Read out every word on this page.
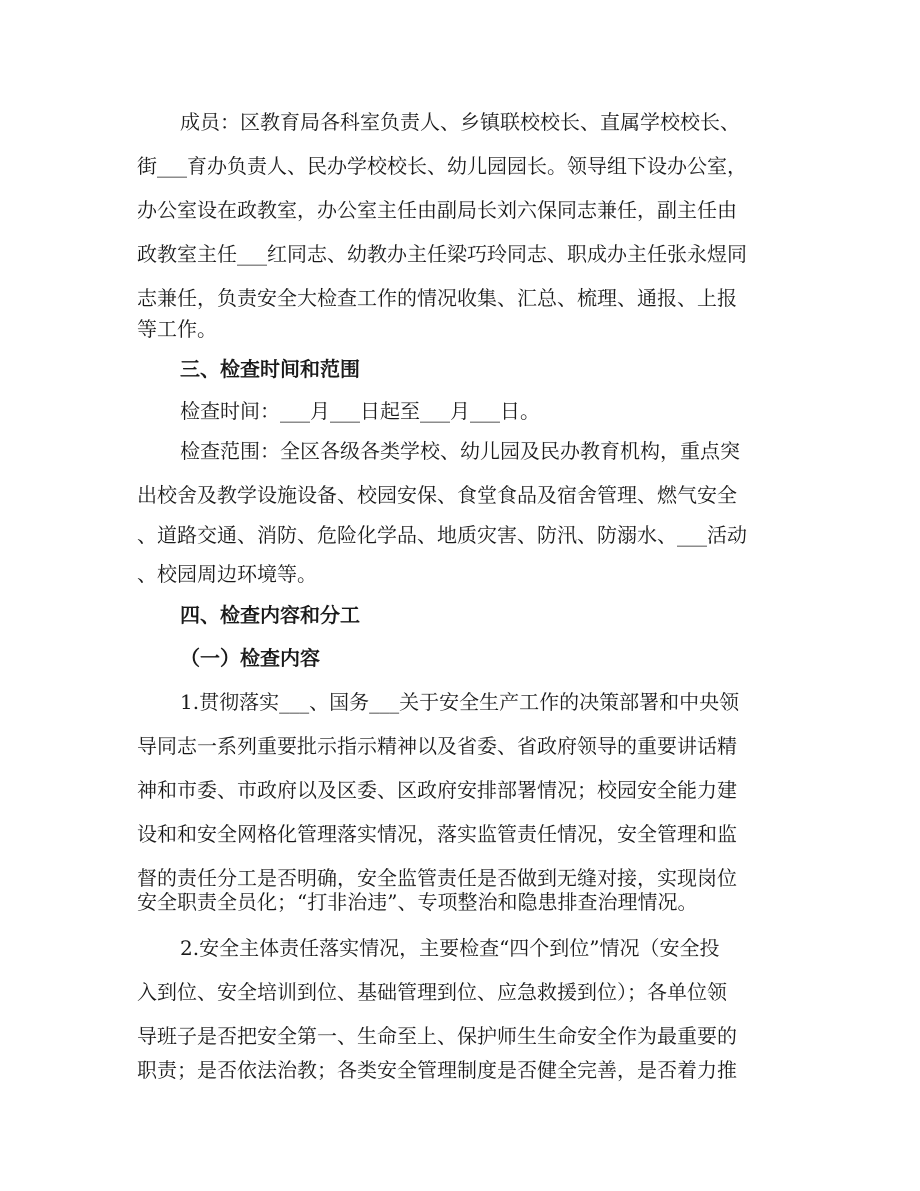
成员：区教育局各科室负责人、乡镇联校校长、直属学校校长、
街___育办负责人、民办学校校长、幼儿园园长。领导组下设办公室，
办公室设在政教室，办公室主任由副局长刘六保同志兼任，副主任由
政教室主任___红同志、幼教办主任梁巧玲同志、职成办主任张永煜同
志兼任，负责安全大检查工作的情况收集、汇总、梳理、通报、上报
等工作。
三、检查时间和范围
检查时间：___月___日起至___月___日。
检查范围：全区各级各类学校、幼儿园及民办教育机构，重点突
出校舍及教学设施设备、校园安保、食堂食品及宿舍管理、燃气安全
、道路交通、消防、危险化学品、地质灾害、防汛、防溺水、___活动
、校园周边环境等。
四、检查内容和分工
（一）检查内容
1.贯彻落实___、国务___关于安全生产工作的决策部署和中央领
导同志一系列重要批示指示精神以及省委、省政府领导的重要讲话精
神和市委、市政府以及区委、区政府安排部署情况；校园安全能力建
设和和安全网格化管理落实情况，落实监管责任情况，安全管理和监
督的责任分工是否明确，安全监管责任是否做到无缝对接，实现岗位
安全职责全员化；“打非治违”、专项整治和隐患排查治理情况。
2.安全主体责任落实情况，主要检查“四个到位”情况（安全投
入到位、安全培训到位、基础管理到位、应急救援到位）；各单位领
导班子是否把安全第一、生命至上、保护师生生命安全作为最重要的
职责；是否依法治教；各类安全管理制度是否健全完善，是否着力推
